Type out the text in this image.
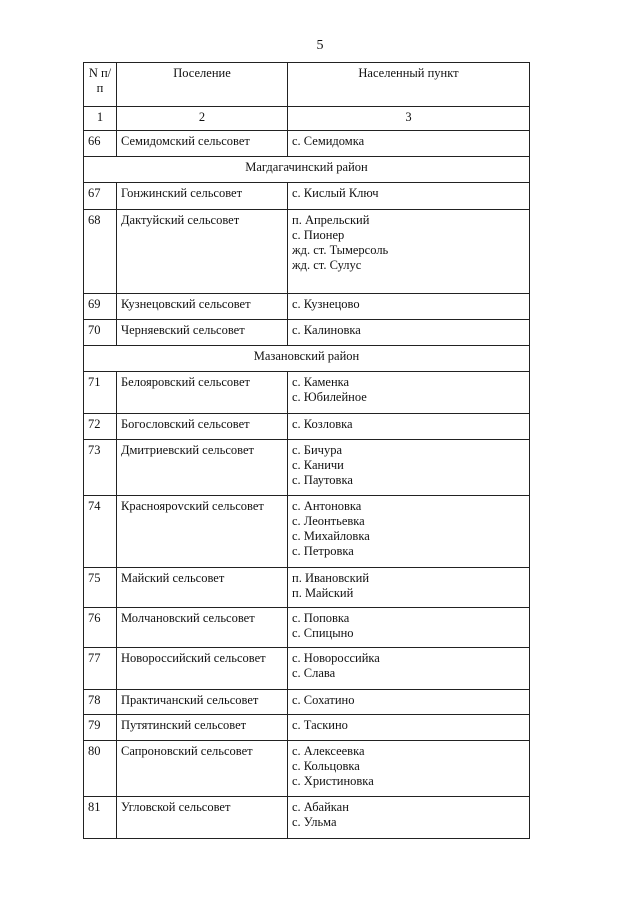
5
N п/п	Поселение	Населенный пункт
1	2	3
66	Семидомский сельсовет	с. Семидомка

Магдагачинский район		
67	Гонжинский сельсовет	с. Кислый Ключ

68	Дактуйский сельсовет	п. Апрельский
с. Пионер
жд. ст. Тымерсоль
жд. ст. Сулус

69	Кузнецовский сельсовет	с. Кузнецово

70	Черняевский сельсовет	с. Калиновка

Мазановский район		
71	Белояровский сельсовет	с. Каменка
с. Юбилейное

72	Богословский сельсовет	с. Козловка

73	Дмитриевский сельсовет	с. Бичура
с. Каничи
с. Паутовка

74	Красноярovский сельсовет	с. Антоновка
с. Леонтьевка
с. Михайловка
с. Петровка

75	Майский сельсовет	п. Ивановский
п. Майский

76	Молчановский сельсовет	с. Поповка
с. Спицыно

77	Новороссийский сельсовет	с. Новороссийка
с. Слава

78	Практичанский сельсовет	с. Сохатино

79	Путятинский сельсовет	с. Таскино

80	Сапроновский сельсовет	с. Алексеевка
с. Кольцовка
с. Христиновка

81	Угловской сельсовет	с. Абайкан
с. Ульма
